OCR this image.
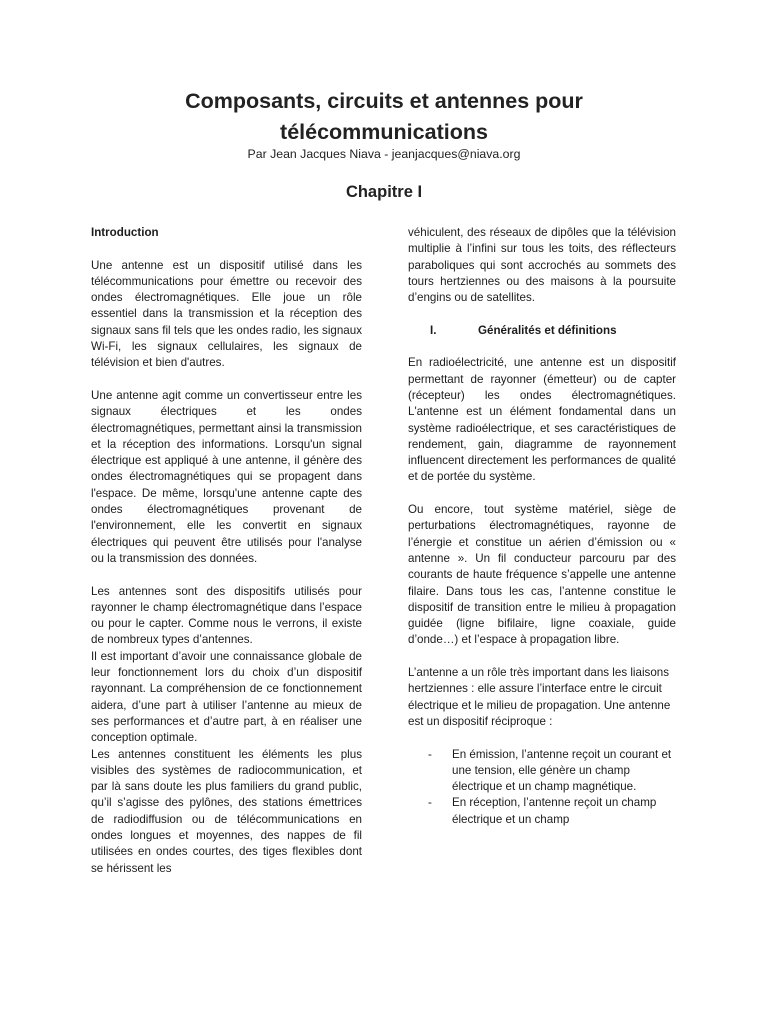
Composants, circuits et antennes pour
télécommunications
Par Jean Jacques Niava - jeanjacques@niava.org
Chapitre I

Introduction

Une antenne est un dispositif utilisé dans les télécommunications pour émettre ou recevoir des ondes électromagnétiques. Elle joue un rôle essentiel dans la transmission et la réception des signaux sans fil tels que les ondes radio, les signaux Wi-Fi, les signaux cellulaires, les signaux de télévision et bien d'autres.

Une antenne agit comme un convertisseur entre les signaux électriques et les ondes électromagnétiques, permettant ainsi la transmission et la réception des informations. Lorsqu'un signal électrique est appliqué à une antenne, il génère des ondes électromagnétiques qui se propagent dans l'espace. De même, lorsqu'une antenne capte des ondes électromagnétiques provenant de l'environnement, elle les convertit en signaux électriques qui peuvent être utilisés pour l'analyse ou la transmission des données.

Les antennes sont des dispositifs utilisés pour rayonner le champ électromagnétique dans l’espace ou pour le capter. Comme nous le verrons, il existe de nombreux types d’antennes.

Il est important d’avoir une connaissance globale de leur fonctionnement lors du choix d’un dispositif rayonnant. La compréhension de ce fonctionnement aidera, d’une part à utiliser l’antenne au mieux de ses performances et d’autre part, à en réaliser une conception optimale.

Les antennes constituent les éléments les plus visibles des systèmes de radiocommunication, et par là sans doute les plus familiers du grand public, qu’il s’agisse des pylônes, des stations émettrices de radiodiffusion ou de télécommunications en ondes longues et moyennes, des nappes de fil utilisées en ondes courtes, des tiges flexibles dont se hérissent les

véhiculent, des réseaux de dipôles que la télévision multiplie à l’infini sur tous les toits, des réflecteurs paraboliques qui sont accrochés au sommets des tours hertziennes ou des maisons à la poursuite d’engins ou de satellites.

I.	Généralités et définitions

En radioélectricité, une antenne est un dispositif permettant de rayonner (émetteur) ou de capter (récepteur) les ondes électromagnétiques. L'antenne est un élément fondamental dans un système radioélectrique, et ses caractéristiques de rendement, gain, diagramme de rayonnement influencent directement les performances de qualité et de portée du système.

Ou encore, tout système matériel, siège de perturbations électromagnétiques, rayonne de l’énergie et constitue un aérien d’émission ou « antenne ». Un fil conducteur parcouru par des courants de haute fréquence s’appelle une antenne filaire. Dans tous les cas, l’antenne constitue le dispositif de transition entre le milieu à propagation guidée (ligne bifilaire, ligne coaxiale, guide d’onde…) et l’espace à propagation libre.

L’antenne a un rôle très important dans les liaisons hertziennes : elle assure l’interface entre le circuit électrique et le milieu de propagation. Une antenne est un dispositif réciproque :

- En émission, l’antenne reçoit un courant et une tension, elle génère un champ électrique et un champ magnétique.
- En réception, l’antenne reçoit un champ électrique et un champ
